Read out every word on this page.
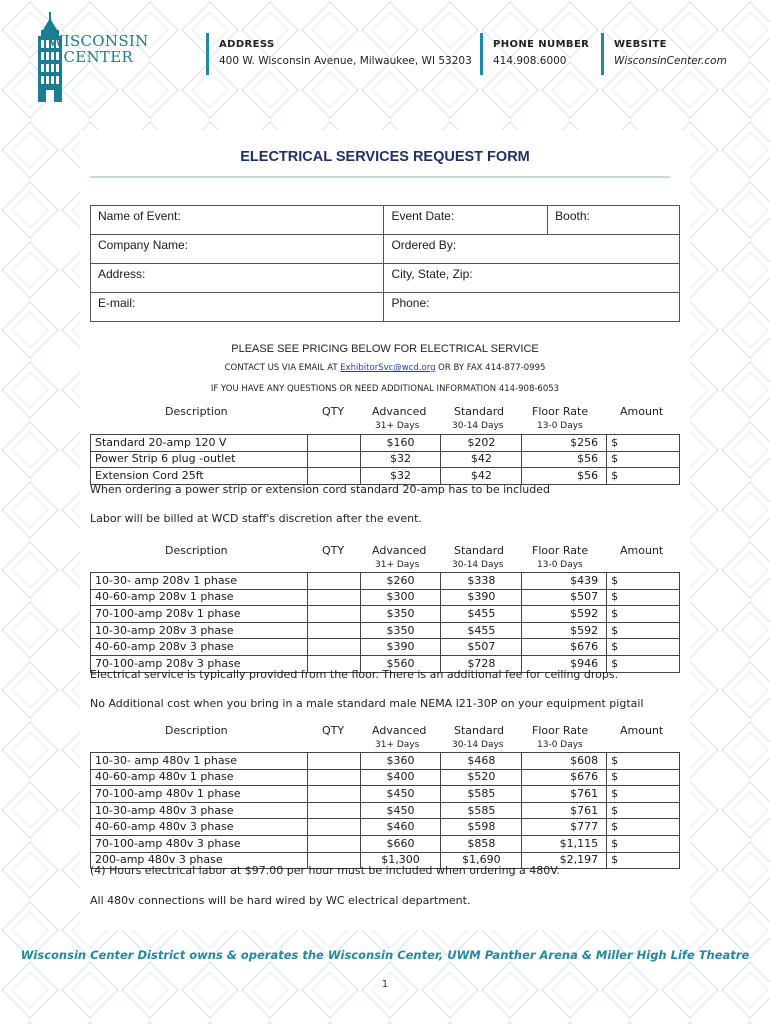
WISCONSIN
CENTER
ADDRESS
400 W. Wisconsin Avenue, Milwaukee, WI 53203
PHONE NUMBER
414.908.6000
WEBSITE
WisconsinCenter.com
ELECTRICAL SERVICES REQUEST FORM
Name of Event:	Event Date:	Booth:
Company Name:	Ordered By:	
Address:	City, State, Zip:	
E-mail:	Phone:	
PLEASE SEE PRICING BELOW FOR ELECTRICAL SERVICE
CONTACT US VIA EMAIL AT ExhibitorSvc@wcd.org OR BY FAX 414-877-0995
IF YOU HAVE ANY QUESTIONS OR NEED ADDITIONAL INFORMATION 414-908-6053
Description	QTY	Advanced	Standard	Floor Rate	Amount
31+ Days	30-14 Days	13-0 Days
Standard 20-amp 120 V		$160	$202	$256	$
Power Strip 6 plug -outlet		$32	$42	$56	$
Extension Cord 25ft		$32	$42	$56	$
When ordering a power strip or extension cord standard 20-amp has to be included
Labor will be billed at WCD staff's discretion after the event.
Description	QTY	Advanced	Standard	Floor Rate	Amount
31+ Days	30-14 Days	13-0 Days
10-30- amp 208v 1 phase		$260	$338	$439	$
40-60-amp 208v 1 phase		$300	$390	$507	$
70-100-amp 208v 1 phase		$350	$455	$592	$
10-30-amp 208v 3 phase		$350	$455	$592	$
40-60-amp 208v 3 phase		$390	$507	$676	$
70-100-amp 208v 3 phase		$560	$728	$946	$
Electrical service is typically provided from the floor. There is an additional fee for ceiling drops.
No Additional cost when you bring in a male standard male NEMA l21-30P on your equipment pigtail
Description	QTY	Advanced	Standard	Floor Rate	Amount
31+ Days	30-14 Days	13-0 Days
10-30- amp 480v 1 phase		$360	$468	$608	$
40-60-amp 480v 1 phase		$400	$520	$676	$
70-100-amp 480v 1 phase		$450	$585	$761	$
10-30-amp 480v 3 phase		$450	$585	$761	$
40-60-amp 480v 3 phase		$460	$598	$777	$
70-100-amp 480v 3 phase		$660	$858	$1,115	$
200-amp 480v 3 phase		$1,300	$1,690	$2,197	$
(4) Hours electrical labor at $97.00 per hour must be included when ordering a 480V.
All 480v connections will be hard wired by WC electrical department.
Wisconsin Center District owns & operates the Wisconsin Center, UWM Panther Arena & Miller High Life Theatre
1
